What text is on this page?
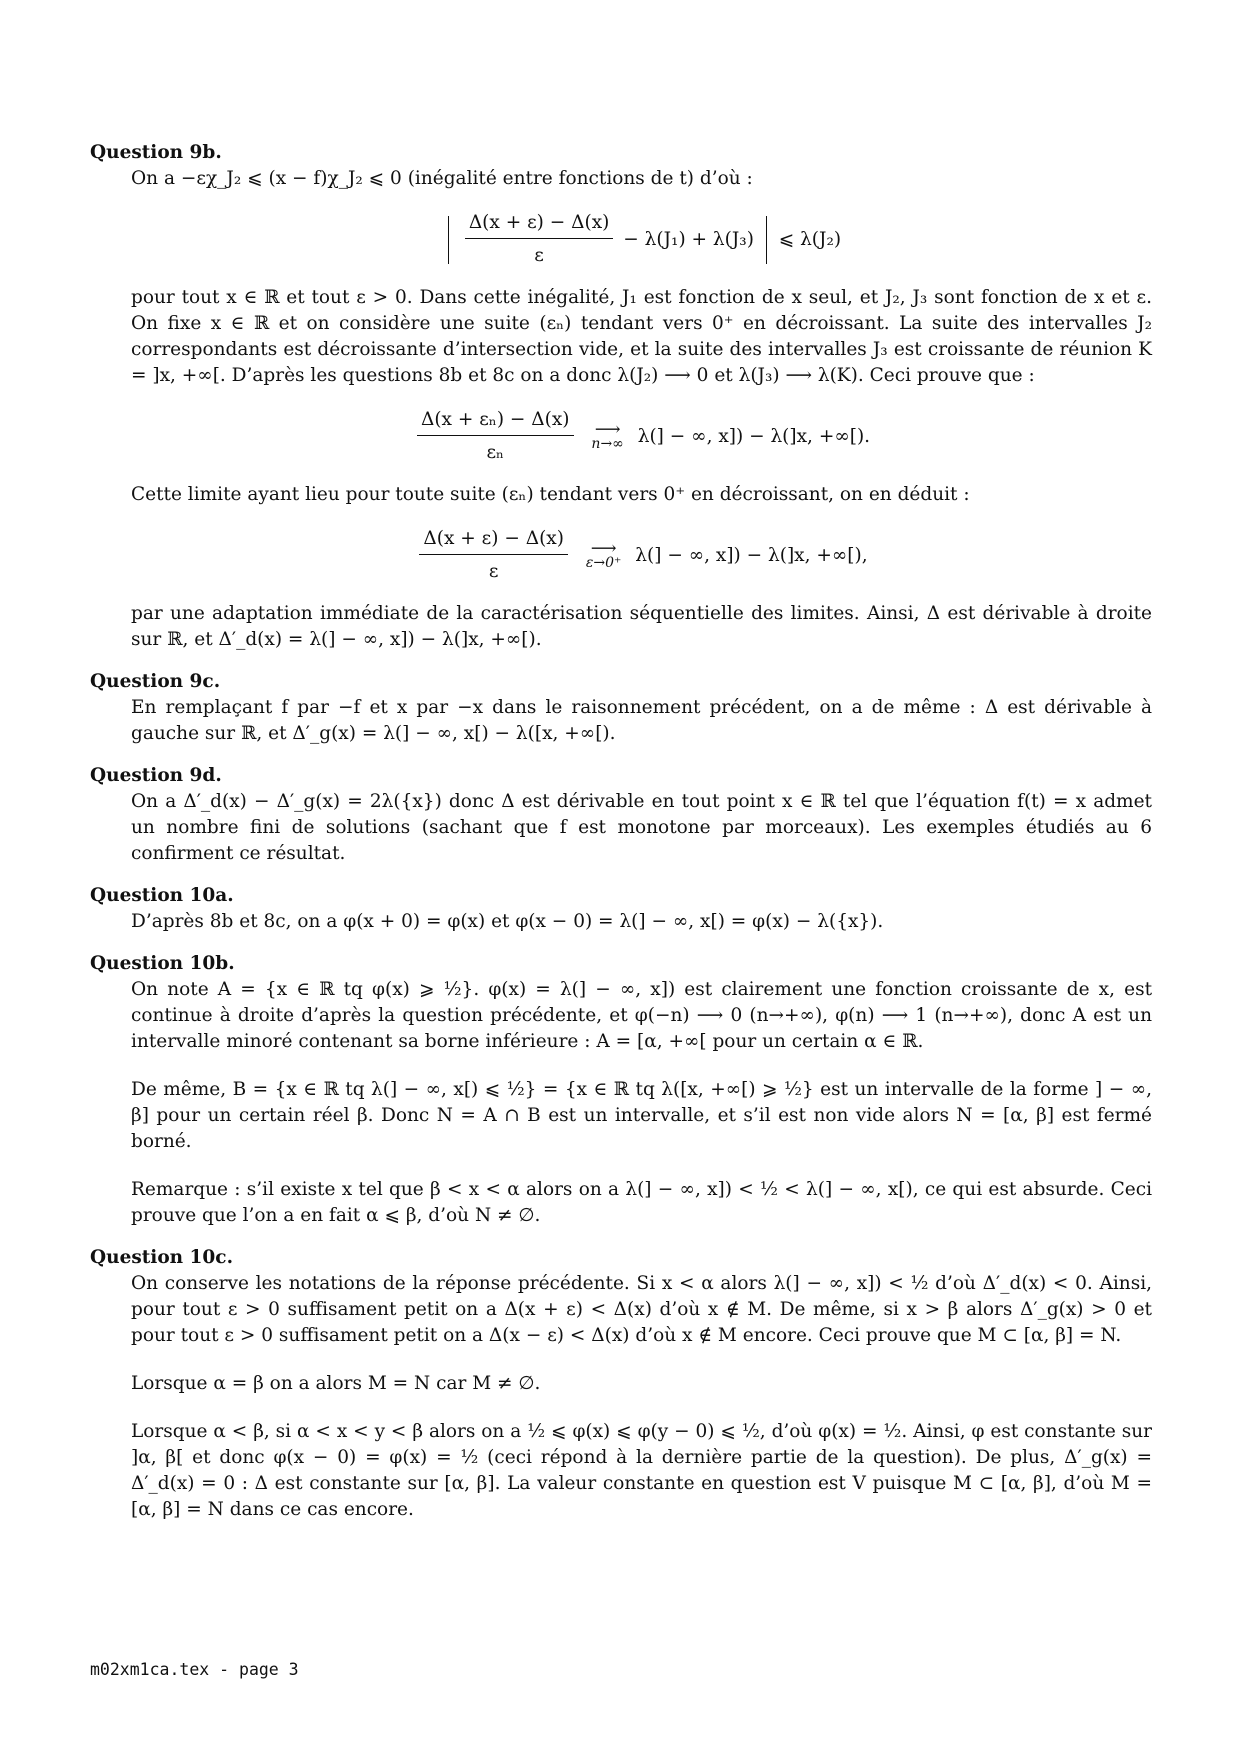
Question 9b.

On a −εχ_J₂ ⩽ (x − f)χ_J₂ ⩽ 0 (inégalité entre fonctions de t) d’où :

$\frac{\Delta(x + \varepsilon) - \Delta(x)}{\varepsilon} - \lambda(J_1) + \lambda(J_3)$ ⩽ λ(J₂)

pour tout x ∈ ℝ et tout ε > 0. Dans cette inégalité, J₁ est fonction de x seul, et J₂, J₃ sont fonction de x et ε. On fixe x ∈ ℝ et on considère une suite (εₙ) tendant vers 0⁺ en décroissant. La suite des intervalles J₂ correspondants est décroissante d’intersection vide, et la suite des intervalles J₃ est croissante de réunion K = ]x, +∞[. D’après les questions 8b et 8c on a donc λ(J₂) ⟶ 0 et λ(J₃) ⟶ λ(K). Ceci prouve que :

$\frac{\text{Δ(x + εₙ) − Δ(x)}}{\text{εₙ}}$
⟶
n→∞ λ(] − ∞, x]) − λ(]x, +∞[).

Cette limite ayant lieu pour toute suite (εₙ) tendant vers 0⁺ en décroissant, on en déduit :

$\frac{\Delta(x + \varepsilon) - \Delta(x)}{\varepsilon}$
⟶
ε→0⁺ λ(] − ∞, x]) − λ(]x, +∞[),

par une adaptation immédiate de la caractérisation séquentielle des limites. Ainsi, Δ est dérivable à droite sur ℝ, et Δ′_d(x) = λ(] − ∞, x]) − λ(]x, +∞[).

Question 9c.

En remplaçant f par −f et x par −x dans le raisonnement précédent, on a de même : Δ est dérivable à gauche sur ℝ, et Δ′_g(x) = λ(] − ∞, x[) − λ([x, +∞[).

Question 9d.

On a Δ′_d(x) − Δ′_g(x) = 2λ({x}) donc Δ est dérivable en tout point x ∈ ℝ tel que l’équation f(t) = x admet un nombre fini de solutions (sachant que f est monotone par morceaux). Les exemples étudiés au 6 confirment ce résultat.

Question 10a.

D’après 8b et 8c, on a φ(x + 0) = φ(x) et φ(x − 0) = λ(] − ∞, x[) = φ(x) − λ({x}).

Question 10b.

On note A = {x ∈ ℝ tq φ(x) ⩾ ½}. φ(x) = λ(] − ∞, x]) est clairement une fonction croissante de x, est continue à droite d’après la question précédente, et φ(−n) ⟶ 0 (n→+∞), φ(n) ⟶ 1 (n→+∞), donc A est un intervalle minoré contenant sa borne inférieure : A = [α, +∞[ pour un certain α ∈ ℝ.

De même, B = {x ∈ ℝ tq λ(] − ∞, x[) ⩽ ½} = {x ∈ ℝ tq λ([x, +∞[) ⩾ ½} est un intervalle de la forme ] − ∞, β] pour un certain réel β. Donc N = A ∩ B est un intervalle, et s’il est non vide alors N = [α, β] est fermé borné.

Remarque : s’il existe x tel que β < x < α alors on a λ(] − ∞, x]) < ½ < λ(] − ∞, x[), ce qui est absurde. Ceci prouve que l’on a en fait α ⩽ β, d’où N ≠ ∅.

Question 10c.

On conserve les notations de la réponse précédente. Si x < α alors λ(] − ∞, x]) < ½ d’où Δ′_d(x) < 0. Ainsi, pour tout ε > 0 suffisament petit on a Δ(x + ε) < Δ(x) d’où x ∉ M. De même, si x > β alors Δ′_g(x) > 0 et pour tout ε > 0 suffisament petit on a Δ(x − ε) < Δ(x) d’où x ∉ M encore. Ceci prouve que M ⊂ [α, β] = N.

Lorsque α = β on a alors M = N car M ≠ ∅.

Lorsque α < β, si α < x < y < β alors on a ½ ⩽ φ(x) ⩽ φ(y − 0) ⩽ ½, d’où φ(x) = ½. Ainsi, φ est constante sur ]α, β[ et donc φ(x − 0) = φ(x) = ½ (ceci répond à la dernière partie de la question). De plus, Δ′_g(x) = Δ′_d(x) = 0 : Δ est constante sur [α, β]. La valeur constante en question est V puisque M ⊂ [α, β], d’où M = [α, β] = N dans ce cas encore.

m02xm1ca.tex - page 3
